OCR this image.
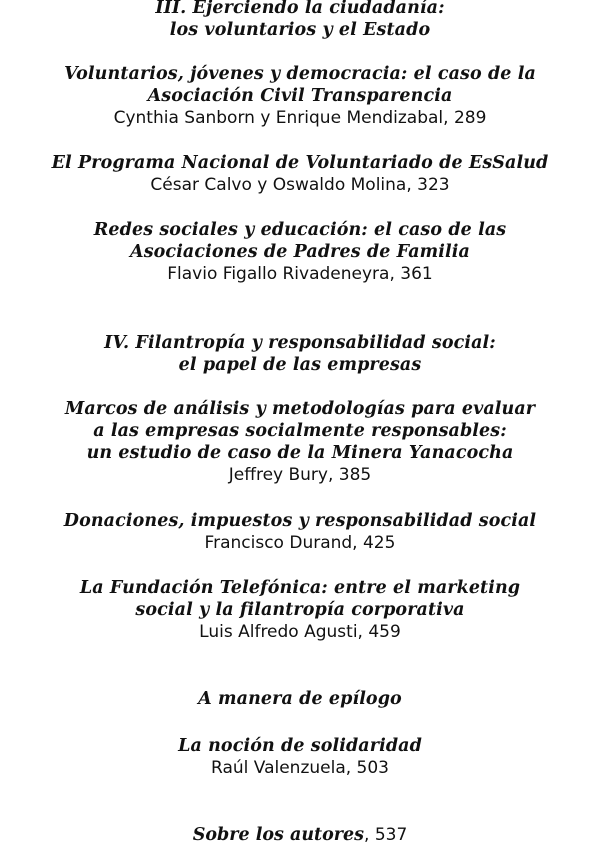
III. Ejerciendo la ciudadanía:
los voluntarios y el Estado
Voluntarios, jóvenes y democracia: el caso de la
Asociación Civil Transparencia
Cynthia Sanborn y Enrique Mendizabal, 289
El Programa Nacional de Voluntariado de EsSalud
César Calvo y Oswaldo Molina, 323
Redes sociales y educación: el caso de las
Asociaciones de Padres de Familia
Flavio Figallo Rivadeneyra, 361
IV. Filantropía y responsabilidad social:
el papel de las empresas
Marcos de análisis y metodologías para evaluar
a las empresas socialmente responsables:
un estudio de caso de la Minera Yanacocha
Jeffrey Bury, 385
Donaciones, impuestos y responsabilidad social
Francisco Durand, 425
La Fundación Telefónica: entre el marketing
social y la filantropía corporativa
Luis Alfredo Agusti, 459
A manera de epílogo
La noción de solidaridad
Raúl Valenzuela, 503
Sobre los autores, 537
